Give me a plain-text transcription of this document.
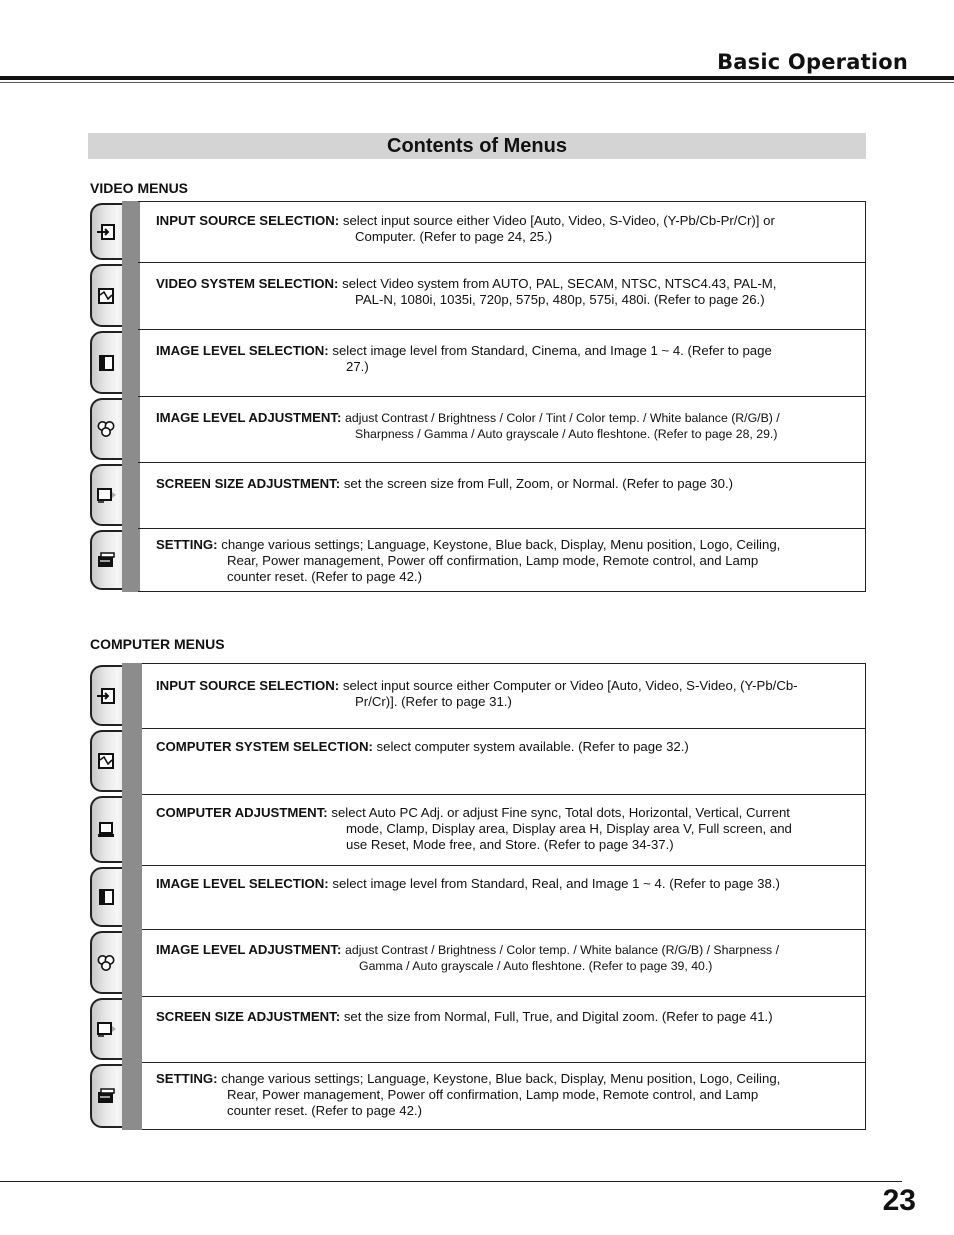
Basic Operation
Contents of Menus
VIDEO MENUS
INPUT SOURCE SELECTION: select input source either Video [Auto, Video, S-Video, (Y-Pb/Cb-Pr/Cr)] or
Computer. (Refer to page 24, 25.)
VIDEO SYSTEM SELECTION: select Video system from AUTO, PAL, SECAM, NTSC, NTSC4.43, PAL-M,
PAL-N, 1080i, 1035i, 720p, 575p, 480p, 575i, 480i. (Refer to page 26.)
IMAGE LEVEL SELECTION: select image level from Standard, Cinema, and Image 1 ~ 4. (Refer to page
27.)
IMAGE LEVEL ADJUSTMENT: adjust Contrast / Brightness / Color / Tint / Color temp. / White balance (R/G/B) /
Sharpness / Gamma / Auto grayscale / Auto fleshtone. (Refer to page 28, 29.)
SCREEN SIZE ADJUSTMENT: set the screen size from Full, Zoom, or Normal. (Refer to page 30.)
SETTING: change various settings; Language, Keystone, Blue back, Display, Menu position, Logo, Ceiling,
Rear, Power management, Power off confirmation, Lamp mode, Remote control, and Lamp
counter reset. (Refer to page 42.)
COMPUTER MENUS
INPUT SOURCE SELECTION: select input source either Computer or Video [Auto, Video, S-Video, (Y-Pb/Cb-
Pr/Cr)]. (Refer to page 31.)
COMPUTER SYSTEM SELECTION: select computer system available. (Refer to page 32.)
COMPUTER ADJUSTMENT: select Auto PC Adj. or adjust Fine sync, Total dots, Horizontal, Vertical, Current
mode, Clamp, Display area, Display area H, Display area V, Full screen, and
use Reset, Mode free, and Store. (Refer to page 34-37.)
IMAGE LEVEL SELECTION: select image level from Standard, Real, and Image 1 ~ 4. (Refer to page 38.)
IMAGE LEVEL ADJUSTMENT: adjust Contrast / Brightness / Color temp. / White balance (R/G/B) / Sharpness /
Gamma / Auto grayscale / Auto fleshtone. (Refer to page 39, 40.)
SCREEN SIZE ADJUSTMENT: set the size from Normal, Full, True, and Digital zoom. (Refer to page 41.)
SETTING: change various settings; Language, Keystone, Blue back, Display, Menu position, Logo, Ceiling,
Rear, Power management, Power off confirmation, Lamp mode, Remote control, and Lamp
counter reset. (Refer to page 42.)
23
